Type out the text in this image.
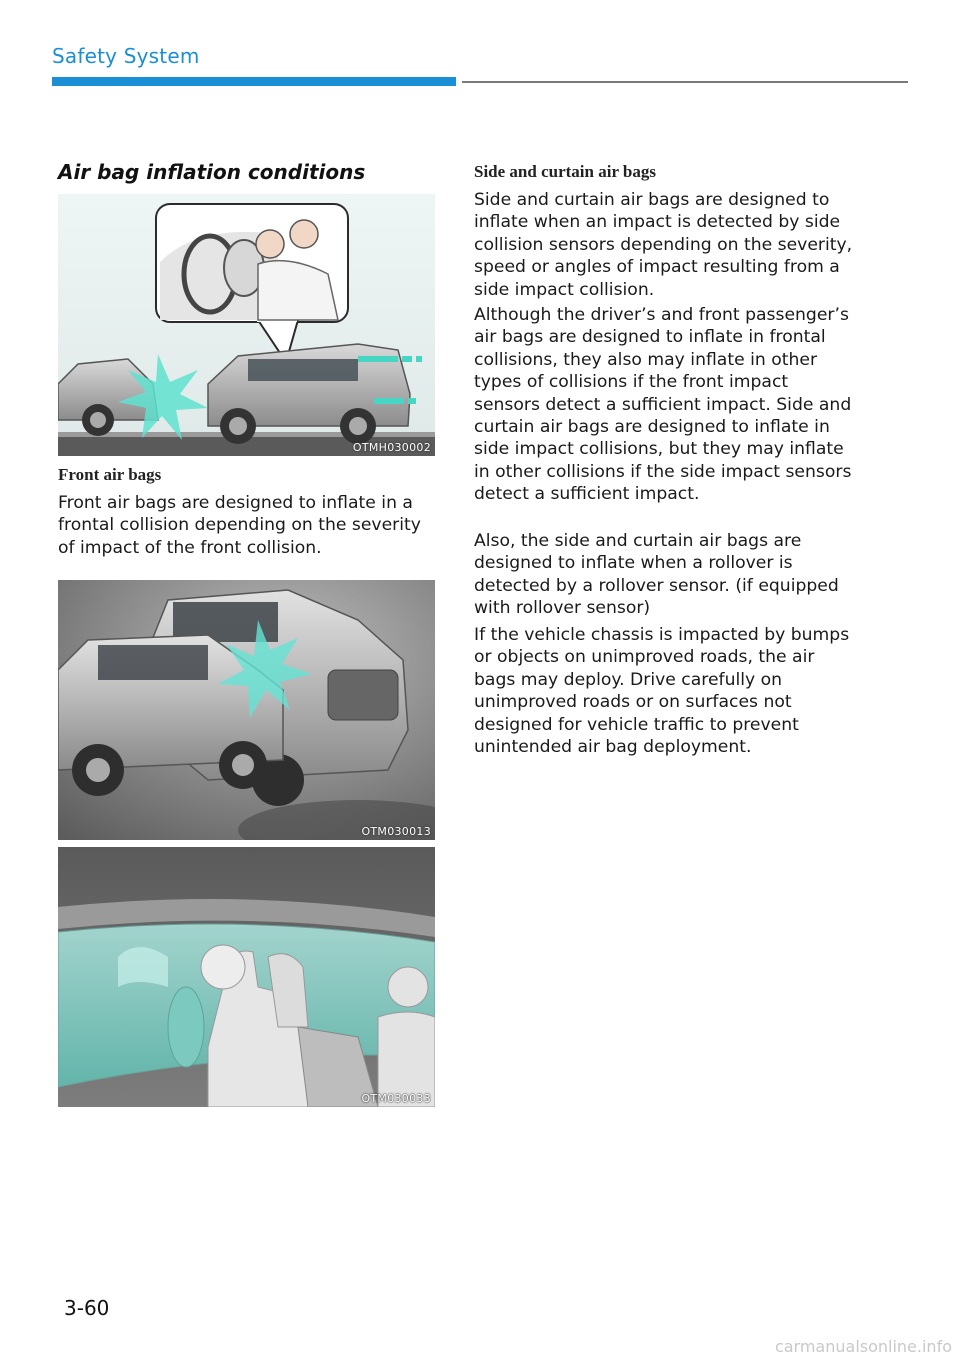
Safety System
Air bag inflation conditions
OTMH030002
Front air bags

Front air bags are designed to inflate in a frontal collision depending on the severity of impact of the front collision.

OTM030013
OTM030033
Side and curtain air bags

Side and curtain air bags are designed to inflate when an impact is detected by side collision sensors depending on the severity, speed or angles of impact resulting from a side impact collision.

Although the driver’s and front passenger’s air bags are designed to inflate in frontal collisions, they also may inflate in other types of collisions if the front impact sensors detect a sufficient impact. Side and curtain air bags are designed to inflate in side impact collisions, but they may inflate in other collisions if the side impact sensors detect a sufficient impact.

Also, the side and curtain air bags are designed to inflate when a rollover is detected by a rollover sensor. (if equipped with rollover sensor)

If the vehicle chassis is impacted by bumps or objects on unimproved roads, the air bags may deploy. Drive carefully on unimproved roads or on surfaces not designed for vehicle traffic to prevent unintended air bag deployment.

3-60
carmanualsonline.info
